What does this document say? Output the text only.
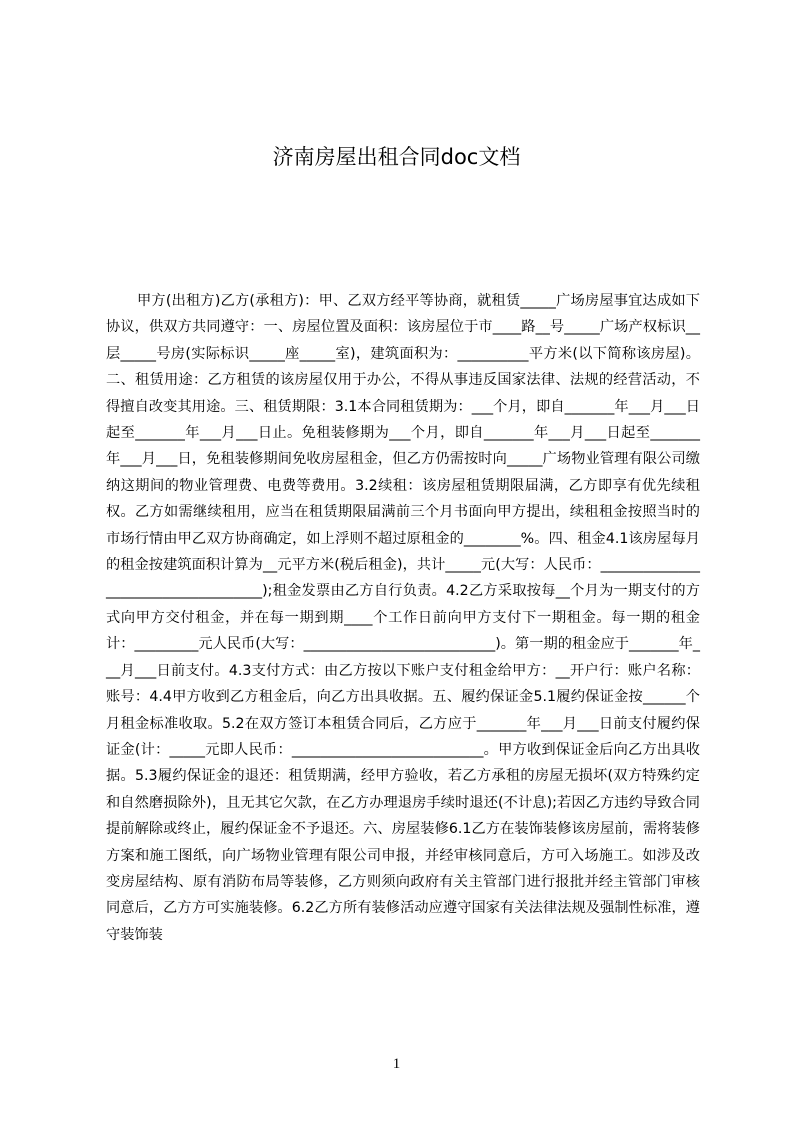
济南房屋出租合同doc文档

甲方(出租方)乙方(承租方)：甲、乙双方经平等协商，就租赁_____广场房屋事宜达成如下协议，供双方共同遵守：一、房屋位置及面积：该房屋位于市____路__号_____广场产权标识__层_____号房(实际标识_____座_____室)，建筑面积为：__________平方米(以下简称该房屋)。二、租赁用途：乙方租赁的该房屋仅用于办公，不得从事违反国家法律、法规的经营活动，不得擅自改变其用途。三、租赁期限：3.1本合同租赁期为：___个月，即自_______年___月___日起至_______年___月___日止。免租装修期为___个月，即自_______年___月___日起至_______年___月___日，免租装修期间免收房屋租金，但乙方仍需按时向_____广场物业管理有限公司缴纳这期间的物业管理费、电费等费用。3.2续租：该房屋租赁期限届满，乙方即享有优先续租权。乙方如需继续租用，应当在租赁期限届满前三个月书面向甲方提出，续租租金按照当时的市场行情由甲乙双方协商确定，如上浮则不超过原租金的________%。四、租金4.1该房屋每月的租金按建筑面积计算为__元平方米(税后租金)，共计_____元(大写：人民币：____________________________________);租金发票由乙方自行负责。4.2乙方采取按每__个月为一期支付的方式向甲方交付租金，并在每一期到期____个工作日前向甲方支付下一期租金。每一期的租金计：_________元人民币(大写：___________________________)。第一期的租金应于_______年___月___日前支付。4.3支付方式：由乙方按以下账户支付租金给甲方：__开户行：账户名称：账号：4.4甲方收到乙方租金后，向乙方出具收据。五、履约保证金5.1履约保证金按______个月租金标准收取。5.2在双方签订本租赁合同后，乙方应于_______年___月___日前支付履约保证金(计：_____元即人民币：___________________________。甲方收到保证金后向乙方出具收据。5.3履约保证金的退还：租赁期满，经甲方验收，若乙方承租的房屋无损坏(双方特殊约定和自然磨损除外)，且无其它欠款，在乙方办理退房手续时退还(不计息);若因乙方违约导致合同提前解除或终止，履约保证金不予退还。六、房屋装修6.1乙方在装饰装修该房屋前，需将装修方案和施工图纸，向广场物业管理有限公司申报，并经审核同意后，方可入场施工。如涉及改变房屋结构、原有消防布局等装修，乙方则须向政府有关主管部门进行报批并经主管部门审核同意后，乙方方可实施装修。6.2乙方所有装修活动应遵守国家有关法律法规及强制性标准，遵守装饰装

1
